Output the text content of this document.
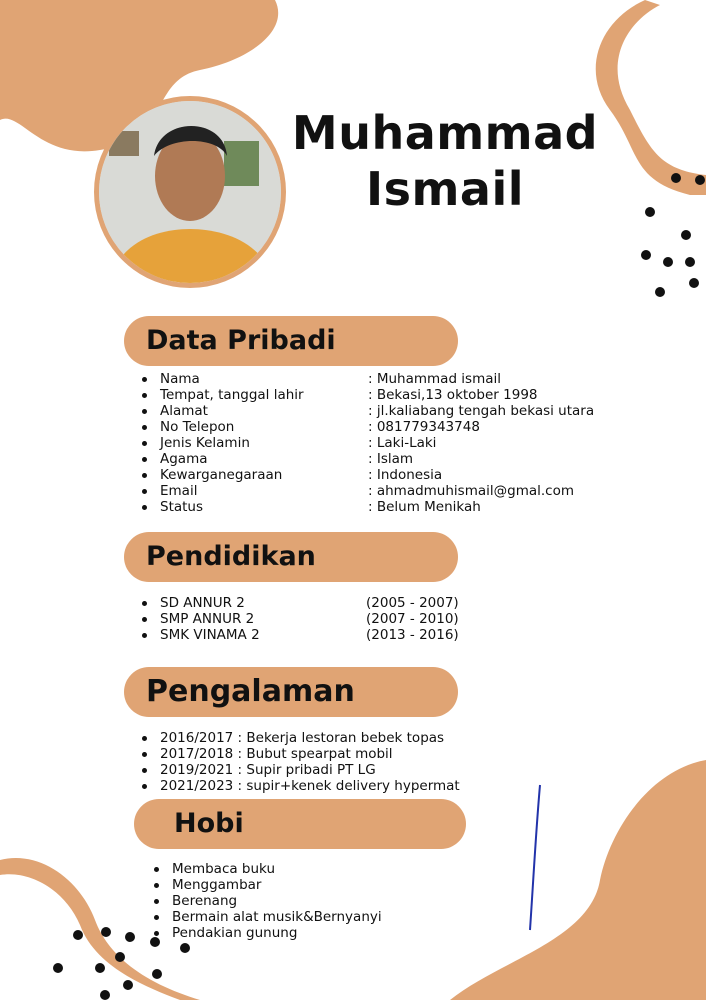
Muhammad
Ismail
Data Pribadi
Nama	: Muhammad ismail
Tempat, tanggal lahir	: Bekasi,13 oktober 1998
Alamat	: jl.kaliabang tengah bekasi utara
No Telepon	: 081779343748
Jenis Kelamin	: Laki-Laki
Agama	: Islam
Kewarganegaraan	: Indonesia
Email	: ahmadmuhismail@gmal.com
Status	: Belum Menikah
Pendidikan
SD ANNUR 2	(2005 - 2007)
SMP ANNUR 2	(2007 - 2010)
SMK VINAMA 2	(2013 - 2016)
Pengalaman
2016/2017 : Bekerja lestoran bebek topas
2017/2018 : Bubut spearpat mobil
2019/2021 : Supir pribadi PT LG
2021/2023 : supir+kenek delivery hypermat
Hobi
Membaca buku
Menggambar
Berenang
Bermain alat musik&Bernyanyi
Pendakian gunung
